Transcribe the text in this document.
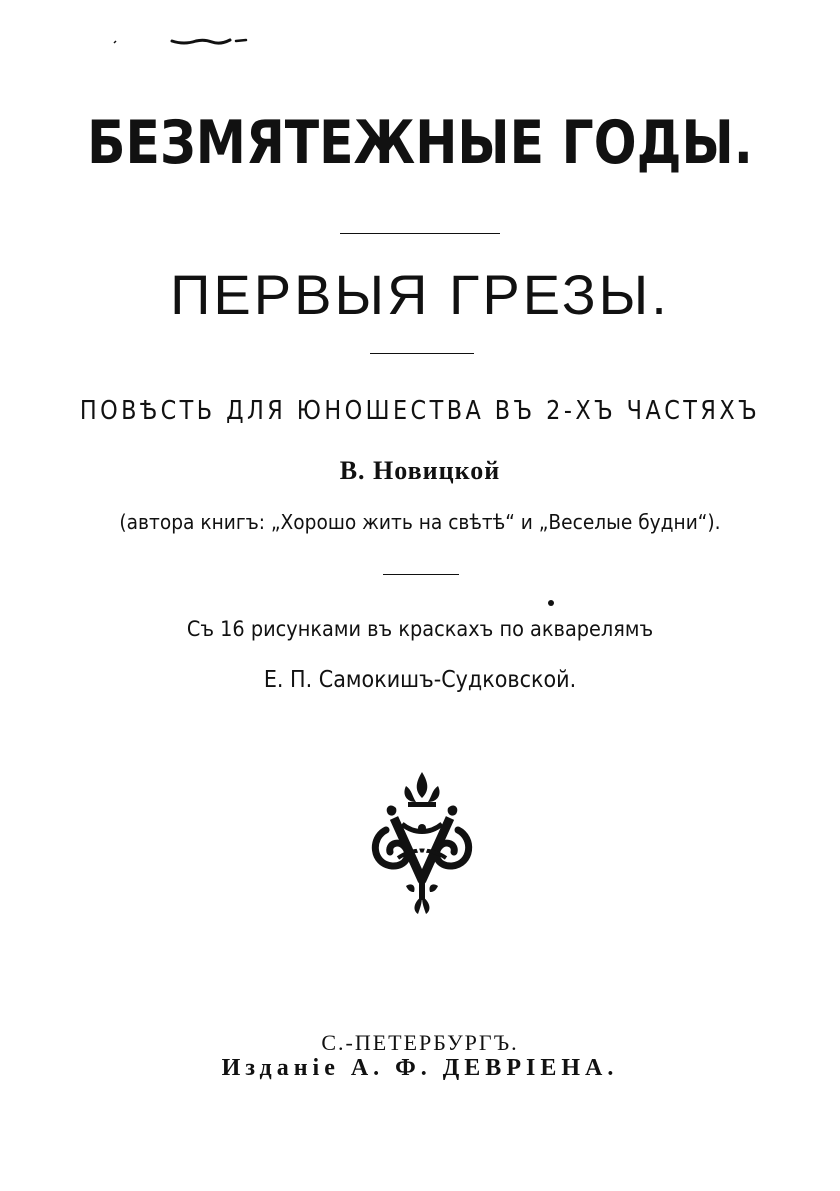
БЕЗМЯТЕЖНЫЕ ГОДЫ.
ПЕРВЫЯ ГРЕЗЫ.
ПОВѢСТЬ ДЛЯ ЮНОШЕСТВА ВЪ 2-ХЪ ЧАСТЯХЪ
В. Новицкой
(автора книгъ: „Хорошо жить на свѣтѣ“ и „Веселые будни“).
Съ 16 рисунками въ краскахъ по акварелямъ
Е. П. Самокишъ-Судковской.
С.-ПЕТЕРБУРГЪ.
Изданiе А. Ф. ДЕВРIЕНА.
